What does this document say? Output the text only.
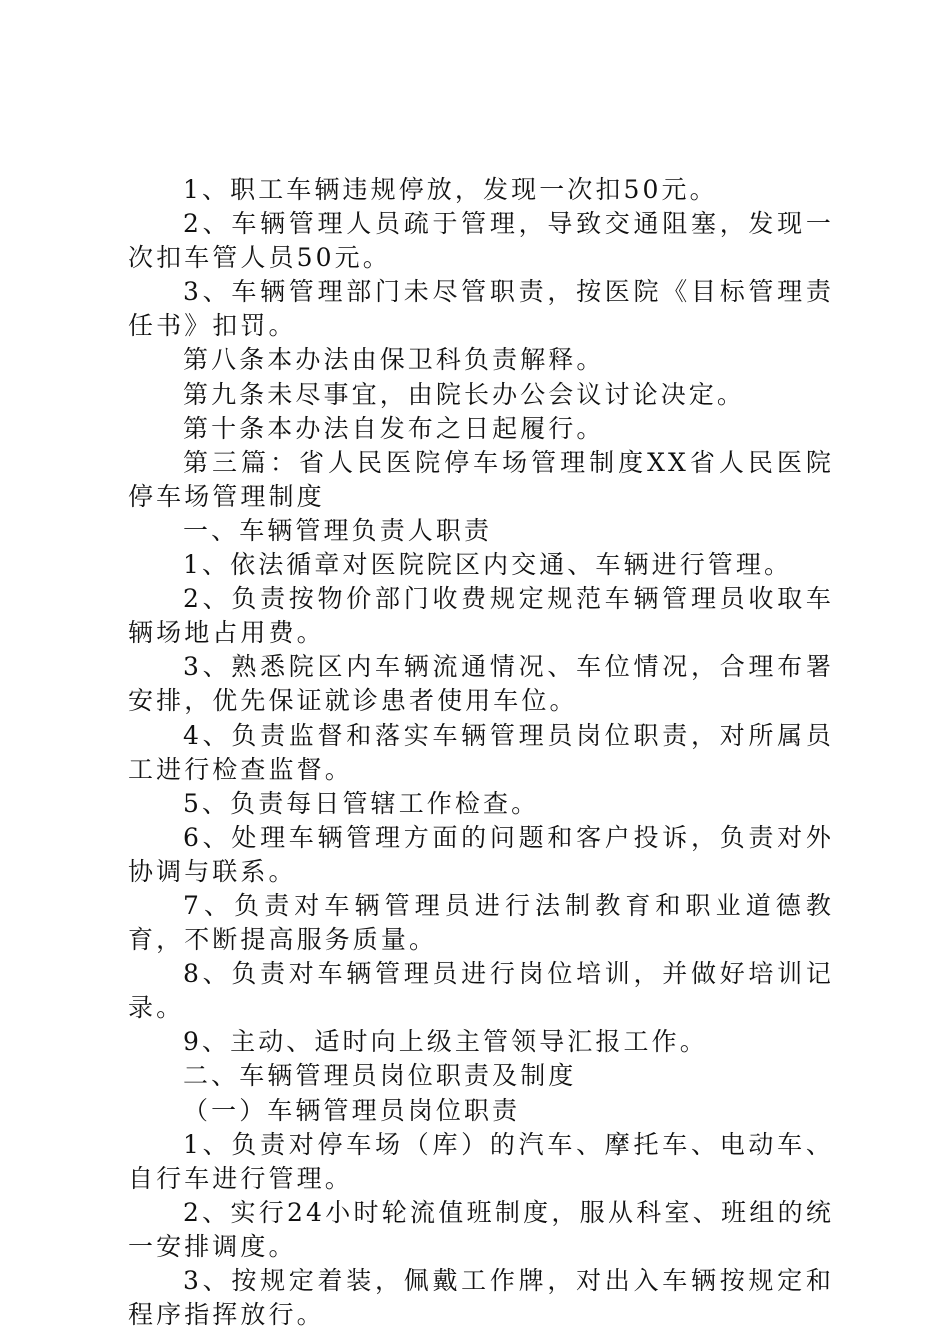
1、职工车辆违规停放，发现一次扣50元。

2、车辆管理人员疏于管理，导致交通阻塞，发现一次扣车管人员50元。

3、车辆管理部门未尽管职责，按医院《目标管理责任书》扣罚。

第八条本办法由保卫科负责解释。

第九条未尽事宜，由院长办公会议讨论决定。

第十条本办法自发布之日起履行。

第三篇：省人民医院停车场管理制度XX省人民医院停车场管理制度

一、车辆管理负责人职责

1、依法循章对医院院区内交通、车辆进行管理。

2、负责按物价部门收费规定规范车辆管理员收取车辆场地占用费。

3、熟悉院区内车辆流通情况、车位情况，合理布署安排，优先保证就诊患者使用车位。

4、负责监督和落实车辆管理员岗位职责，对所属员工进行检查监督。

5、负责每日管辖工作检查。

6、处理车辆管理方面的问题和客户投诉，负责对外协调与联系。

7、负责对车辆管理员进行法制教育和职业道德教育，不断提高服务质量。

8、负责对车辆管理员进行岗位培训，并做好培训记录。

9、主动、适时向上级主管领导汇报工作。

二、车辆管理员岗位职责及制度

（一）车辆管理员岗位职责

1、负责对停车场（库）的汽车、摩托车、电动车、自行车进行管理。

2、实行24小时轮流值班制度，服从科室、班组的统一安排调度。

3、按规定着装，佩戴工作牌，对出入车辆按规定和程序指挥放行。
